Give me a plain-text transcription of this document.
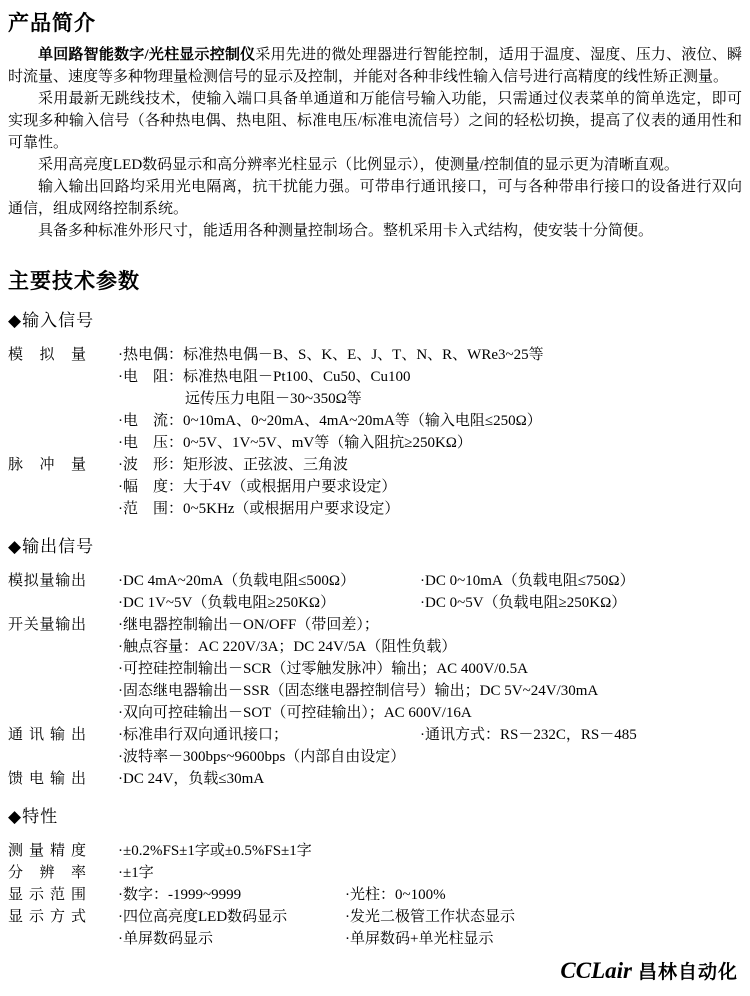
产品简介

单回路智能数字/光柱显示控制仪采用先进的微处理器进行智能控制，适用于温度、湿度、压力、液位、瞬时流量、速度等多种物理量检测信号的显示及控制，并能对各种非线性输入信号进行高精度的线性矫正测量。

采用最新无跳线技术，使输入端口具备单通道和万能信号输入功能，只需通过仪表菜单的简单选定，即可实现多种输入信号（各种热电偶、热电阻、标准电压/标准电流信号）之间的轻松切换，提高了仪表的通用性和可靠性。

采用高亮度LED数码显示和高分辨率光柱显示（比例显示），使测量/控制值的显示更为清晰直观。

输入输出回路均采用光电隔离，抗干扰能力强。可带串行通讯接口，可与各种带串行接口的设备进行双向通信，组成网络控制系统。

具备多种标准外形尺寸，能适用各种测量控制场合。整机采用卡入式结构，使安装十分简便。

主要技术参数
◆输入信号
模 拟 量 ·热电偶：标准热电偶－B、S、K、E、J、T、N、R、WRe3~25等
·电　阻：标准热电阻－Pt100、Cu50、Cu100
远传压力电阻－30~350Ω等
·电　流：0~10mA、0~20mA、4mA~20mA等（输入电阻≤250Ω）
·电　压：0~5V、1V~5V、mV等（输入阻抗≥250KΩ）
脉 冲 量 ·波　形：矩形波、正弦波、三角波
·幅　度：大于4V（或根据用户要求设定）
·范　围：0~5KHz（或根据用户要求设定）
◆输出信号
模拟量输出 ·DC 4mA~20mA（负载电阻≤500Ω）	·DC 0~10mA（负载电阻≤750Ω）
·DC 1V~5V（负载电阻≥250KΩ）	·DC 0~5V（负载电阻≥250KΩ）
开关量输出 ·继电器控制输出－ON/OFF（带回差）；
·触点容量：AC 220V/3A；DC 24V/5A（阻性负载）
·可控硅控制输出－SCR（过零触发脉冲）输出；AC 400V/0.5A
·固态继电器输出－SSR（固态继电器控制信号）输出；DC 5V~24V/30mA
·双向可控硅输出－SOT（可控硅输出）；AC 600V/16A
通 讯 输 出 ·标准串行双向通讯接口；	·通讯方式：RS－232C，RS－485
·波特率－300bps~9600bps（内部自由设定）
馈 电 输 出 ·DC 24V，负载≤30mA
◆特性
测 量 精 度 ·±0.2%FS±1字或±0.5%FS±1字
分 辨 率 ·±1字
显 示 范 围 ·数字：-1999~9999	·光柱：0~100%
显 示 方 式 ·四位高亮度LED数码显示	·发光二极管工作状态显示
·单屏数码显示	·单屏数码+单光柱显示
CCLair 昌林自动化
